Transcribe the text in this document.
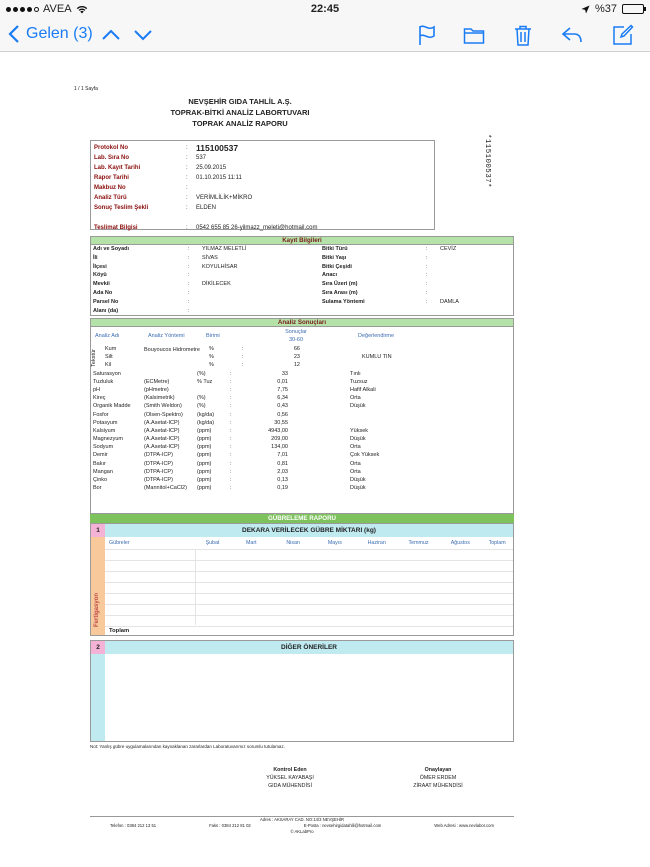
AVEA	22:45	%37
Gelen (3)
1 / 1 Sayfa
NEVŞEHİR GIDA TAHLİL A.Ş.
TOPRAK-BİTKİ ANALİZ LABORTUVARI
TOPRAK ANALİZ RAPORU
*115100537*
Protokol No	: 115100537
Lab. Sıra No	:	537
Lab. Kayıt Tarihi	:	25.09.2015
Rapor Tarihi	:	01.10.2015 11:11
Makbuz No	:
Analiz Türü	:	VERİMLİLİK+MİKRO
Sonuç Teslim Şekli	:	ELDEN
Teslimat Bilgisi	:	0542 655 85 26-yilmazz_meleti@hotmail.com
Kayıt Bilgileri
Adı ve Soyadı	:	YILMAZ MELETLİ	Bitki Türü	:	CEVİZ
İli	:	SİVAS	Bitki Yaşı	:
İlçesi	:	KOYULHİSAR	Bitki Çeşidi	:
Köyü	:	Anacı	:
Mevkii	:	DİKİLECEK	Sıra Üzeri (m)	:
Ada No	:	Sıra Arası (m)	:
Parsel No	:	Sulama Yöntemi	:	DAMLA
Alanı (da)	:
Analiz Sonuçları
Analiz Adı	Analiz Yöntemi	Birimi
Sonuçlar
30-60
Değerlendirme
Tekstür	Bouyoucos Hidrometre
Kum	%	:	66
Silt	%	:	23	KUMLU TIN
Kil	%	:	12
Saturasyon	(%)	:	33	Tınlı
Tuzluluk	(ECMetre)	% Tuz	:	0,01	Tuzsuz
pH	(pHmetre)	:	7,75	Hafif Alkali
Kireç	(Kalsimetrik)	(%)	:	6,34	Orta
Organik Madde	(Smith Weldon)	(%)	:	0,43	Düşük
Fosfor	(Olsen-Spektro)	(kg/da)	:	0,56
Potasyum	(A.Asetat-ICP)	(kg/da)	:	30,55
Kalsiyum	(A.Asetat-ICP)	(ppm)	:	4943,00	Yüksek
Magnezyum	(A.Asetat-ICP)	(ppm)	:	209,00	Düşük
Sodyum	(A.Asetat-ICP)	(ppm)	:	134,00	Orta
Demir	(DTPA-ICP)	(ppm)	:	7,01	Çok Yüksek
Bakır	(DTPA-ICP)	(ppm)	:	0,81	Orta
Mangan	(DTPA-ICP)	(ppm)	:	2,03	Orta
Çinko	(DTPA-ICP)	(ppm)	:	0,13	Düşük
Bor	(Mannitol+CaCl2)	(ppm)	:	0,19	Düşük
GÜBRELEME RAPORU
1	DEKARA VERİLECEK GÜBRE MİKTARI (kg)
Fertigasyon
Gübreler	Şubat	Mart	Nisan	Mayıs	Haziran	Temmuz	Ağustos	Toplam
Toplam
2	DİĞER ÖNERİLER
Not: Yanlış gübre uygulamalarından kaynaklanan zararlardan Laboratuvarımız sorumlu tutulamaz.
Kontrol Eden
YÜKSEL KAYABAŞI
GIDA MÜHENDİSİ
Onaylayan
ÖMER ERDEM
ZİRAAT MÜHENDİSİ
Adres : AKSARAY CAD. NO:14/3 NEVŞEHİR
Telefon : 0384 212 13 51	Faks : 0384 212 81 02	E-Posta : nevsehirgidatahlil@hotmail.com	Web Adresi : www.nevlabor.com
© AKLabPro
